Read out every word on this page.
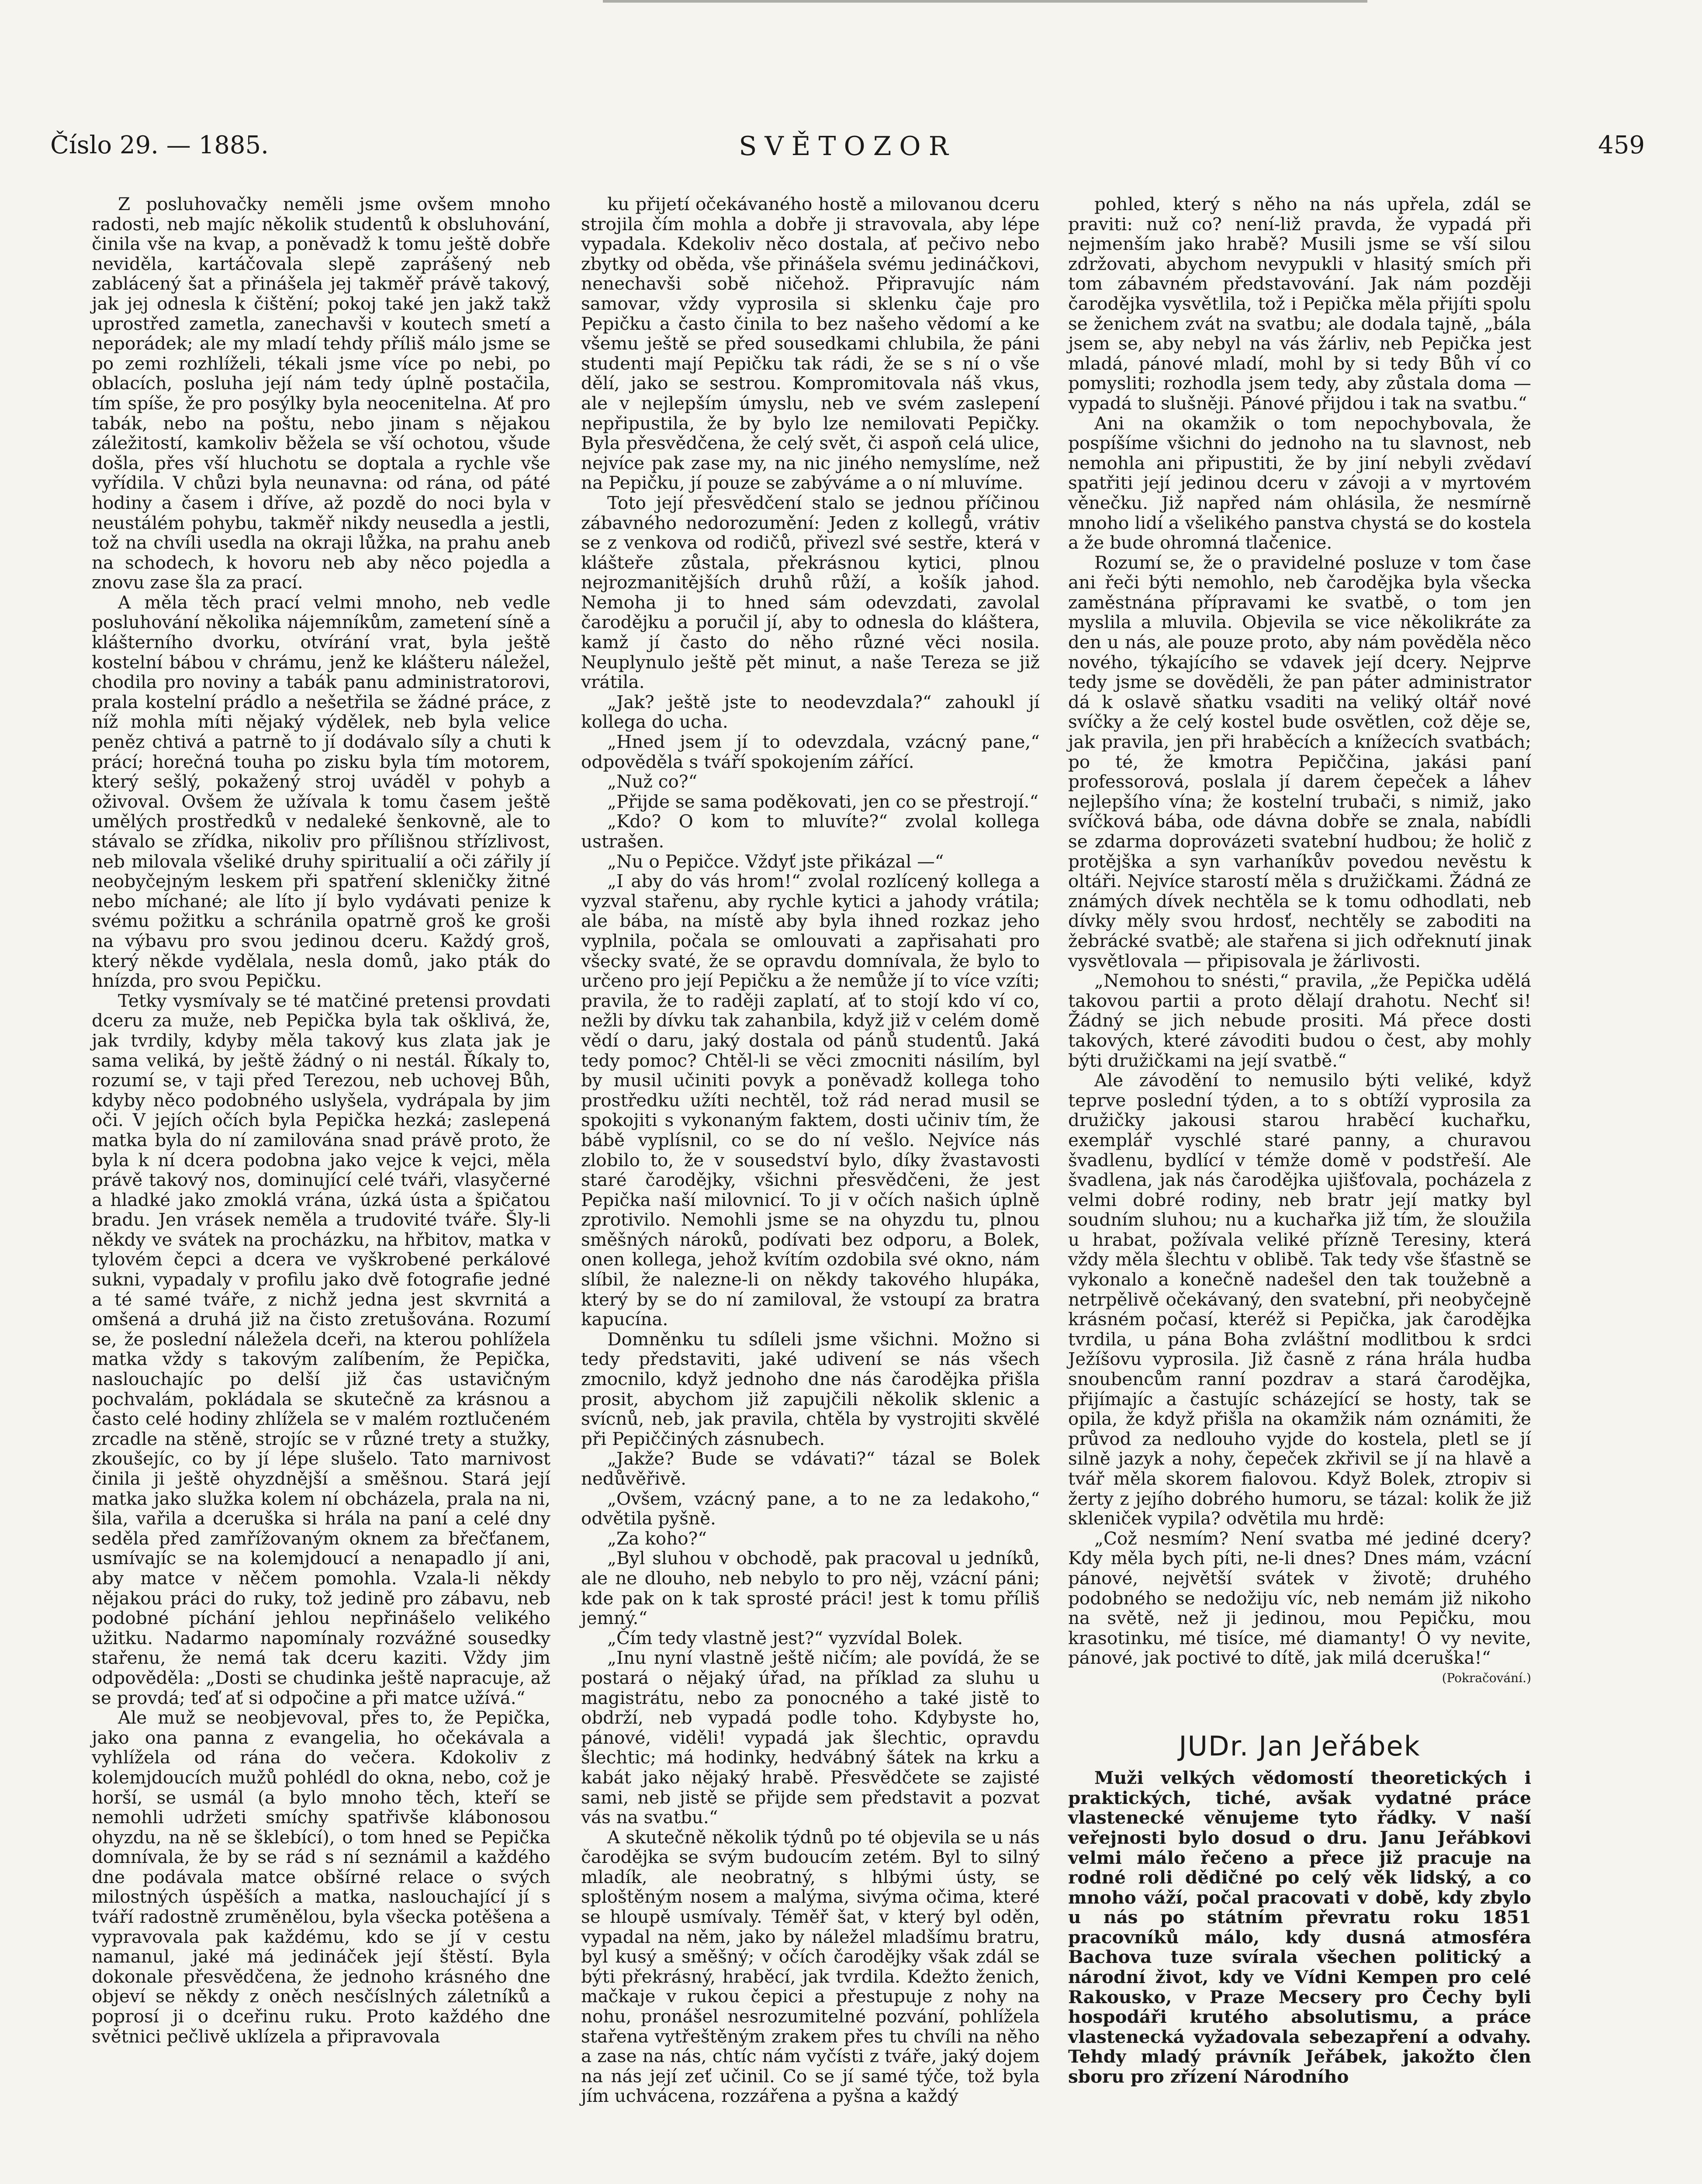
Číslo 29. — 1885.	SVĚTOZOR	459

Z posluhovačky neměli jsme ovšem mnoho radosti, neb majíc několik studentů k obsluhování, činila vše na kvap, a poněvadž k tomu ještě dobře neviděla, kartáčovala slepě zaprášený neb zablácený šat a přinášela jej takměř právě takový, jak jej odnesla k čištění; pokoj také jen jakž takž uprostřed zametla, zanechavši v koutech smetí a neporádek; ale my mladí tehdy příliš málo jsme se po zemi rozhlíželi, tékali jsme více po nebi, po oblacích, posluha její nám tedy úplně postačila, tím spíše, že pro posýlky byla neocenitelna. Ať pro tabák, nebo na poštu, nebo jinam s nějakou záležitostí, kamkoliv běžela se vší ochotou, všude došla, přes vší hluchotu se doptala a rychle vše vyřídila. V chůzi byla neunavna: od rána, od páté hodiny a časem i dříve, až pozdě do noci byla v neustálém pohybu, takměř nikdy neusedla a jestli, tož na chvíli usedla na okraji lůžka, na prahu aneb na schodech, k hovoru neb aby něco pojedla a znovu zase šla za prací.

A měla těch prací velmi mnoho, neb vedle posluhování několika nájemníkům, zametení síně a klášterního dvorku, otvírání vrat, byla ještě kostelní bábou v chrámu, jenž ke klášteru náležel, chodila pro noviny a tabák panu administratorovi, prala kostelní prádlo a nešetřila se žádné práce, z níž mohla míti nějaký výdělek, neb byla velice peněz chtivá a patrně to jí dodávalo síly a chuti k prácí; horečná touha po zisku byla tím motorem, který sešlý, pokažený stroj uváděl v pohyb a oživoval. Ovšem že užívala k tomu časem ještě umělých prostředků v nedaleké šenkovně, ale to stávalo se zřídka, nikoliv pro přílišnou střízlivost, neb milovala všeliké druhy spiritualií a oči zářily jí neobyčejným leskem při spatření skleničky žitné nebo míchané; ale líto jí bylo vydávati penize k svému požitku a schránila opatrně groš ke groši na výbavu pro svou jedinou dceru. Každý groš, který někde vydělala, nesla domů, jako pták do hnízda, pro svou Pepičku.

Tetky vysmívaly se té matčiné pretensi provdati dceru za muže, neb Pepička byla tak ošklivá, že, jak tvrdily, kdyby měla takový kus zlata jak je sama veliká, by ještě žádný o ni nestál. Říkaly to, rozumí se, v taji před Terezou, neb uchovej Bůh, kdyby něco podobného uslyšela, vydrápala by jim oči. V jejích očích byla Pepička hezká; zaslepená matka byla do ní zamilována snad právě proto, že byla k ní dcera podobna jako vejce k vejci, měla právě takový nos, dominující celé tváři, vlasyčerné a hladké jako zmoklá vrána, úzká ústa a špičatou bradu. Jen vrásek neměla a trudovité tváře. Šly-li někdy ve svátek na procházku, na hřbitov, matka v tylovém čepci a dcera ve vyškrobené perkálové sukni, vypadaly v profilu jako dvě fotografie jedné a té samé tváře, z nichž jedna jest skvrnitá a omšená a druhá již na čisto zretušována. Rozumí se, že poslední náležela dceři, na kterou pohlížela matka vždy s takovým zalíbením, že Pepička, naslouchajíc po delší již čas ustavičným pochvalám, pokládala se skutečně za krásnou a často celé hodiny zhlížela se v malém roztlučeném zrcadle na stěně, strojíc se v různé trety a stužky, zkoušejíc, co by jí lépe slušelo. Tato marnivost činila ji ještě ohyzdnější a směšnou. Stará její matka jako služka kolem ní obcházela, prala na ni, šila, vařila a dceruška si hrála na paní a celé dny seděla před zamřížovaným oknem za břečťanem, usmívajíc se na kolemjdoucí a nenapadlo jí ani, aby matce v něčem pomohla. Vzala-li někdy nějakou práci do ruky, tož jedině pro zábavu, neb podobné píchání jehlou nepřinášelo velikého užitku. Nadarmo napomínaly rozvážné sousedky stařenu, že nemá tak dceru kaziti. Vždy jim odpověděla: „Dosti se chudinka ještě napracuje, až se provdá; teď ať si odpočine a při matce užívá.“

Ale muž se neobjevoval, přes to, že Pepička, jako ona panna z evangelia, ho očekávala a vyhlížela od rána do večera. Kdokoliv z kolemjdoucích mužů pohlédl do okna, nebo, což je horší, se usmál (a bylo mnoho těch, kteří se nemohli udržeti smíchy spatřivše klábonosou ohyzdu, na ně se šklebící), o tom hned se Pepička domnívala, že by se rád s ní seznámil a každého dne podávala matce obšírné relace o svých milostných úspěších a matka, naslouchající jí s tváří radostně zruměnělou, byla všecka potěšena a vypravovala pak každému, kdo se jí v cestu namanul, jaké má jedináček její štěstí. Byla dokonale přesvědčena, že jednoho krásného dne objeví se někdy z oněch nesčíslných záletníků a poprosí ji o dceřinu ruku. Proto každého dne světnici pečlivě uklízela a připravovala

ku přijetí očekávaného hostě a milovanou dceru strojila čím mohla a dobře ji stravovala, aby lépe vypadala. Kdekoliv něco dostala, ať pečivo nebo zbytky od oběda, vše přinášela svému jedináčkovi, nenechavši sobě ničehož. Připravujíc nám samovar, vždy vyprosila si sklenku čaje pro Pepičku a často činila to bez našeho vědomí a ke všemu ještě se před sousedkami chlubila, že páni studenti mají Pepičku tak rádi, že se s ní o vše dělí, jako se sestrou. Kompromitovala náš vkus, ale v nejlepším úmyslu, neb ve svém zaslepení nepřipustila, že by bylo lze nemilovati Pepičky. Byla přesvědčena, že celý svět, či aspoň celá ulice, nejvíce pak zase my, na nic jiného nemyslíme, než na Pepičku, jí pouze se zabýváme a o ní mluvíme.

Toto její přesvědčení stalo se jednou příčinou zábavného nedorozumění: Jeden z kollegů, vrátiv se z venkova od rodičů, přivezl své sestře, která v klášteře zůstala, překrásnou kytici, plnou nejrozmanitějších druhů růží, a košík jahod. Nemoha ji to hned sám odevzdati, zavolal čarodějku a poručil jí, aby to odnesla do kláštera, kamž jí často do něho různé věci nosila. Neuplynulo ještě pět minut, a naše Tereza se již vrátila.

„Jak? ještě jste to neodevzdala?“ zahoukl jí kollega do ucha.

„Hned jsem jí to odevzdala, vzácný pane,“ odpověděla s tváří spokojením zářící.

„Nuž co?“

„Přijde se sama poděkovati, jen co se přestrojí.“

„Kdo? O kom to mluvíte?“ zvolal kollega ustrašen.

„Nu o Pepičce. Vždyť jste přikázal —“

„I aby do vás hrom!“ zvolal rozlícený kollega a vyzval stařenu, aby rychle kytici a jahody vrátila; ale bába, na místě aby byla ihned rozkaz jeho vyplnila, počala se omlouvati a zapřisahati pro všecky svaté, že se opravdu domnívala, že bylo to určeno pro její Pepičku a že nemůže jí to více vzíti; pravila, že to raději zaplatí, ať to stojí kdo ví co, nežli by dívku tak zahanbila, když již v celém domě vědí o daru, jaký dostala od pánů studentů. Jaká tedy pomoc? Chtěl-li se věci zmocniti násilím, byl by musil učiniti povyk a poněvadž kollega toho prostředku užíti nechtěl, tož rád nerad musil se spokojiti s vykonaným faktem, dosti učiniv tím, že bábě vyplísnil, co se do ní vešlo. Nejvíce nás zlobilo to, že v sousedství bylo, díky žvastavosti staré čarodějky, všichni přesvědčeni, že jest Pepička naší milovnicí. To ji v očích našich úplně zprotivilo. Nemohli jsme se na ohyzdu tu, plnou směšných nároků, podívati bez odporu, a Bolek, onen kollega, jehož kvítím ozdobila své okno, nám slíbil, že nalezne-li on někdy takového hlupáka, který by se do ní zamiloval, že vstoupí za bratra kapucína.

Domněnku tu sdíleli jsme všichni. Možno si tedy představiti, jaké udivení se nás všech zmocnilo, když jednoho dne nás čarodějka přišla prosit, abychom již zapujčili několik sklenic a svícnů, neb, jak pravila, chtěla by vystrojiti skvělé při Pepiččiných zásnubech.

„Jakže? Bude se vdávati?“ tázal se Bolek nedůvěřivě.

„Ovšem, vzácný pane, a to ne za ledakoho,“ odvětila pyšně.

„Za koho?“

„Byl sluhou v obchodě, pak pracoval u jedníků, ale ne dlouho, neb nebylo to pro něj, vzácní páni; kde pak on k tak sprosté práci! jest k tomu příliš jemný.“

„Čím tedy vlastně jest?“ vyzvídal Bolek.

„Inu nyní vlastně ještě ničím; ale povídá, že se postará o nějaký úřad, na příklad za sluhu u magistrátu, nebo za ponocného a také jistě to obdrží, neb vypadá podle toho. Kdybyste ho, pánové, viděli! vypadá jak šlechtic, opravdu šlechtic; má hodinky, hedvábný šátek na krku a kabát jako nějaký hrabě. Přesvědčete se zajisté sami, neb jistě se přijde sem představit a pozvat vás na svatbu.“

A skutečně několik týdnů po té objevila se u nás čarodějka se svým budoucím zetém. Byl to silný mladík, ale neobratný, s hlbými ústy, se sploštěným nosem a malýma, sivýma očima, které se hloupě usmívaly. Téměř šat, v který byl oděn, vypadal na něm, jako by náležel mladšímu bratru, byl kusý a směšný; v očích čarodějky však zdál se býti překrásný, hraběcí, jak tvrdila. Kdežto ženich, mačkaje v rukou čepici a přestupuje z nohy na nohu, pronášel nesrozumitelné pozvání, pohlížela stařena vytřeštěným zrakem přes tu chvíli na něho a zase na nás, chtíc nám vyčísti z tváře, jaký dojem na nás její zeť učinil. Co se jí samé týče, tož byla jím uchvácena, rozzářena a pyšna a každý

pohled, který s něho na nás upřela, zdál se praviti: nuž co? není-liž pravda, že vypadá při nejmenším jako hrabě? Musili jsme se vší silou zdržovati, abychom nevypukli v hlasitý smích při tom zábavném představování. Jak nám později čarodějka vysvětlila, tož i Pepička měla přijíti spolu se ženichem zvát na svatbu; ale dodala tajně, „bála jsem se, aby nebyl na vás žárliv, neb Pepička jest mladá, pánové mladí, mohl by si tedy Bůh ví co pomysliti; rozhodla jsem tedy, aby zůstala doma — vypadá to slušněji. Pánové přijdou i tak na svatbu.“

Ani na okamžik o tom nepochybovala, že pospíšíme všichni do jednoho na tu slavnost, neb nemohla ani připustiti, že by jiní nebyli zvědaví spatřiti její jedinou dceru v závoji a v myrtovém věnečku. Již napřed nám ohlásila, že nesmírně mnoho lidí a všelikého panstva chystá se do kostela a že bude ohromná tlačenice.

Rozumí se, že o pravidelné posluze v tom čase ani řeči býti nemohlo, neb čarodějka byla všecka zaměstnána přípravami ke svatbě, o tom jen myslila a mluvila. Objevila se vice několikráte za den u nás, ale pouze proto, aby nám pověděla něco nového, týkajícího se vdavek její dcery. Nejprve tedy jsme se dověděli, že pan páter administrator dá k oslavě sňatku vsaditi na veliký oltář nové svíčky a že celý kostel bude osvětlen, což děje se, jak pravila, jen při hraběcích a knížecích svatbách; po té, že kmotra Pepiččina, jakási paní professorová, poslala jí darem čepeček a láhev nejlepšího vína; že kostelní trubači, s nimiž, jako svíčková bába, ode dávna dobře se znala, nabídli se zdarma doprovázeti svatební hudbou; že holič z protějška a syn varhaníkův povedou nevěstu k oltáři. Nejvíce starostí měla s družičkami. Žádná ze známých dívek nechtěla se k tomu odhodlati, neb dívky měly svou hrdosť, nechtěly se zaboditi na žebrácké svatbě; ale stařena si jich odřeknutí jinak vysvětlovala — připisovala je žárlivosti.

„Nemohou to snésti,“ pravila, „že Pepička udělá takovou partii a proto dělají drahotu. Nechť si! Žádný se jich nebude prositi. Má přece dosti takových, které závoditi budou o čest, aby mohly býti družičkami na její svatbě.“

Ale závodění to nemusilo býti veliké, když teprve poslední týden, a to s obtíží vyprosila za družičky jakousi starou hraběcí kuchařku, exemplář vyschlé staré panny, a churavou švadlenu, bydlící v témže domě v podstřeší. Ale švadlena, jak nás čarodějka ujišťovala, pocházela z velmi dobré rodiny, neb bratr její matky byl soudním sluhou; nu a kuchařka již tím, že sloužila u hrabat, požívala veliké přízně Teresiny, která vždy měla šlechtu v oblibě. Tak tedy vše šťastně se vykonalo a konečně nadešel den tak toužebně a netrpělivě očekávaný, den svatební, při neobyčejně krásném počasí, kteréž si Pepička, jak čarodějka tvrdila, u pána Boha zvláštní modlitbou k srdci Ježíšovu vyprosila. Již časně z rána hrála hudba snoubencům ranní pozdrav a stará čarodějka, přijímajíc a častujíc scházející se hosty, tak se opila, že když přišla na okamžik nám oznámiti, že průvod za nedlouho vyjde do kostela, pletl se jí silně jazyk a nohy, čepeček zkřivil se jí na hlavě a tvář měla skorem fialovou. Když Bolek, ztropiv si žerty z jejího dobrého humoru, se tázal: kolik že již skleniček vypila? odvětila mu hrdě:

„Což nesmím? Není svatba mé jediné dcery? Kdy měla bych píti, ne-li dnes? Dnes mám, vzácní pánové, největší svátek v životě; druhého podobného se nedožiju víc, neb nemám již nikoho na světě, než ji jedinou, mou Pepičku, mou krasotinku, mé tisíce, mé diamanty! Ó vy nevite, pánové, jak poctivé to dítě, jak milá dceruška!“

(Pokračování.)
JUDr. Jan Jeřábek

Muži velkých vědomostí theoretických i praktických, tiché, avšak vydatné práce vlastenecké věnujeme tyto řádky. V naší veřejnosti bylo dosud o dru. Janu Jeřábkovi velmi málo řečeno a přece již pracuje na rodné roli dědičné po celý věk lidský, a co mnoho váží, počal pracovati v době, kdy zbylo u nás po státním převratu roku 1851 pracovníků málo, kdy dusná atmosféra Bachova tuze svírala všechen politický a národní život, kdy ve Vídni Kempen pro celé Rakousko, v Praze Mecsery pro Čechy byli hospodáři krutého absolutismu, a práce vlastenecká vyžadovala sebezapření a odvahy. Tehdy mladý právník Jeřábek, jakožto člen sboru pro zřízení Národního
